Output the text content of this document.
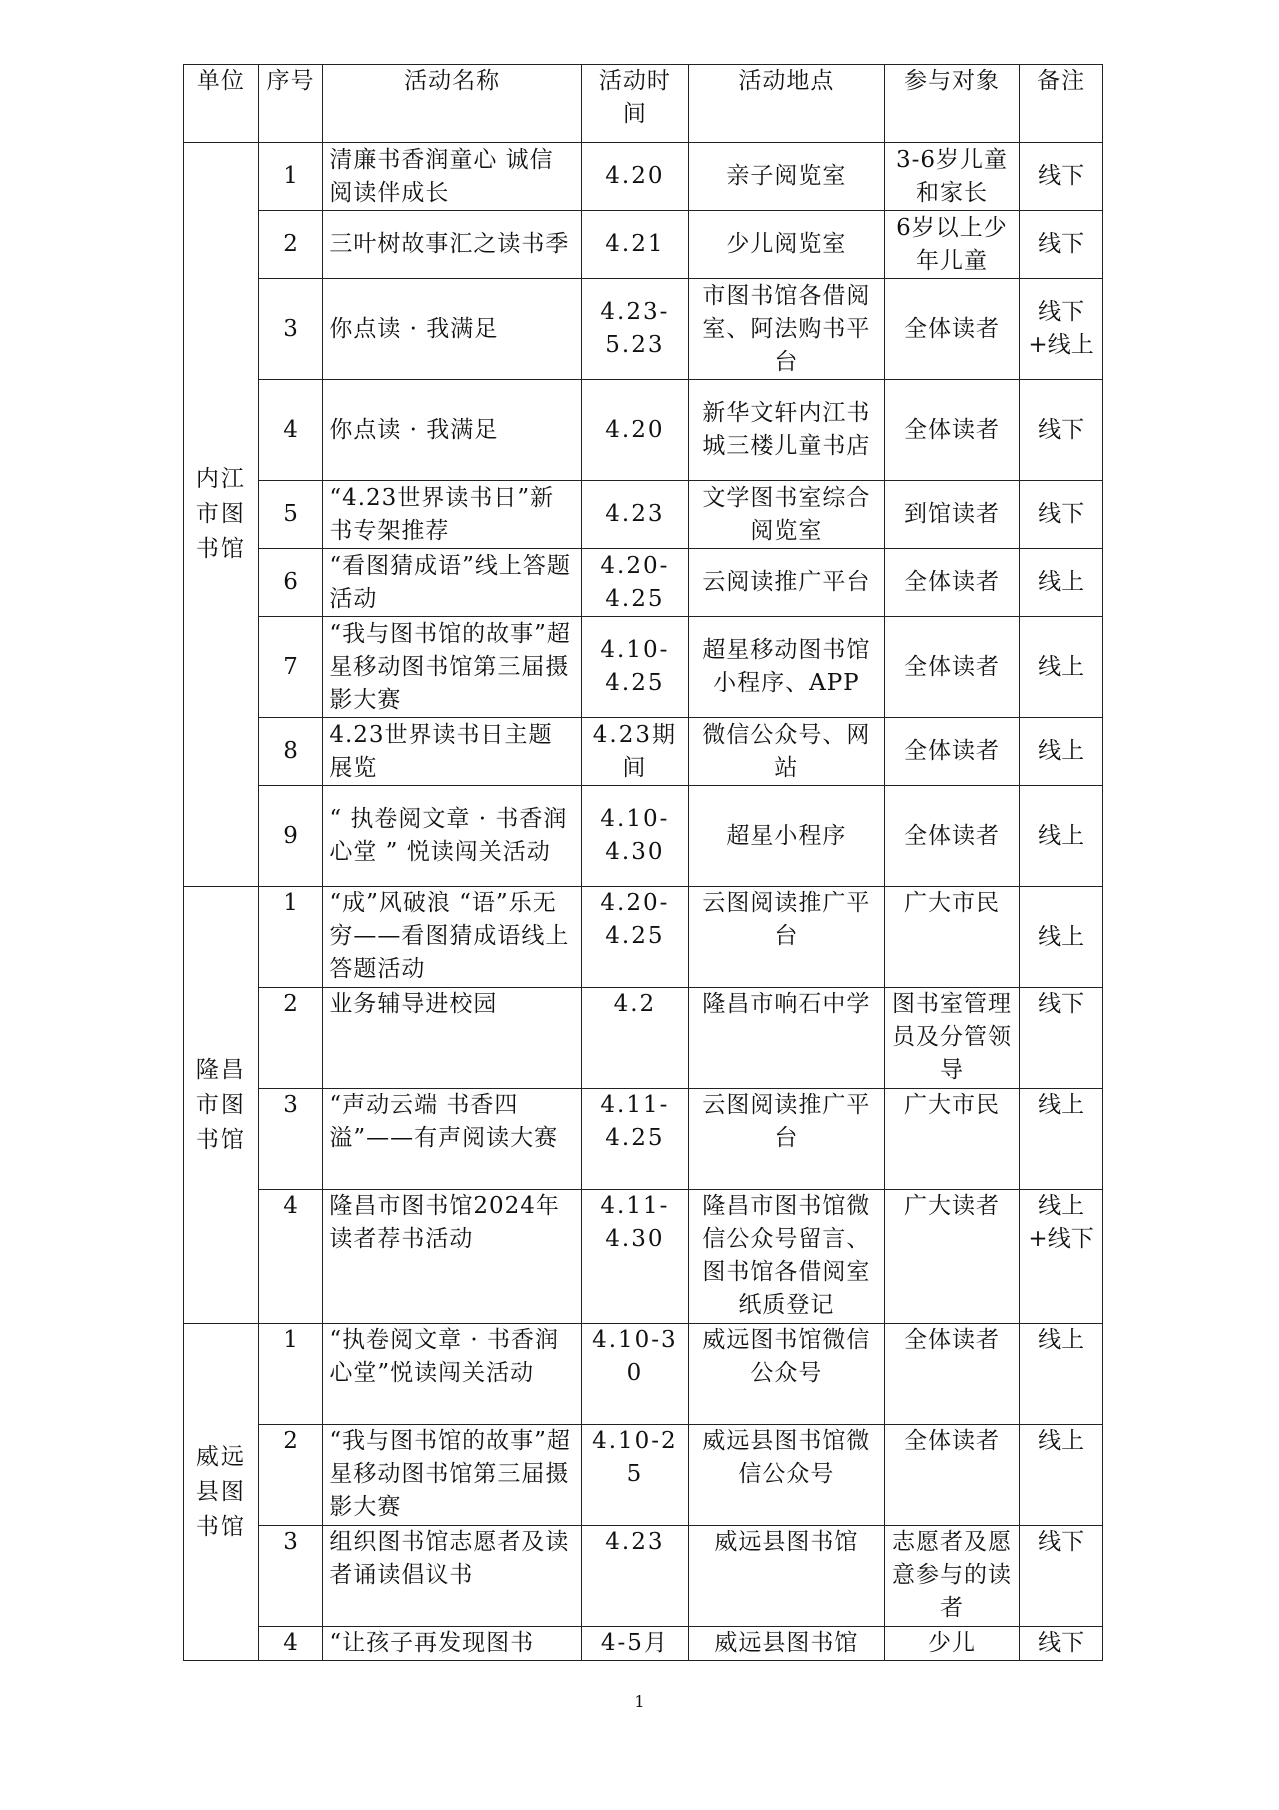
单位	序号	活动名称	活动时间	活动地点	参与对象	备注
内江市图书馆	1	清廉书香润童心 诚信阅读伴成长	4.20	亲子阅览室	3-6岁儿童和家长	线下
	2	三叶树故事汇之读书季	4.21	少儿阅览室	6岁以上少年儿童	线下
	3	你点读 · 我满足	4.23-5.23	市图书馆各借阅室、阿法购书平台	全体读者	线下+线上
	4	你点读 · 我满足	4.20	新华文轩内江书城三楼儿童书店	全体读者	线下
	5	“4.23世界读书日”新书专架推荐	4.23	文学图书室综合阅览室	到馆读者	线下
	6	“看图猜成语”线上答题活动	4.20-4.25	云阅读推广平台	全体读者	线上
	7	“我与图书馆的故事”超星移动图书馆第三届摄影大赛	4.10-4.25	超星移动图书馆小程序、APP	全体读者	线上
	8	4.23世界读书日主题展览	4.23期间	微信公众号、网站	全体读者	线上
	9	“ 执卷阅文章 · 书香润心堂 ” 悦读闯关活动	4.10-4.30	超星小程序	全体读者	线上
隆昌市图书馆	1	“成”风破浪 “语”乐无穷——看图猜成语线上答题活动	4.20-4.25	云图阅读推广平台	广大市民	线上
	2	业务辅导进校园	4.2	隆昌市响石中学	图书室管理员及分管领导	线下
	3	“声动云端 书香四溢”——有声阅读大赛	4.11-4.25	云图阅读推广平台	广大市民	线上
	4	隆昌市图书馆2024年读者荐书活动	4.11-4.30	隆昌市图书馆微信公众号留言、图书馆各借阅室纸质登记	广大读者	线上+线下
威远县图书馆	1	“执卷阅文章 · 书香润心堂”悦读闯关活动	4.10-30	威远图书馆微信公众号	全体读者	线上
	2	“我与图书馆的故事”超星移动图书馆第三届摄影大赛	4.10-25	威远县图书馆微信公众号	全体读者	线上
	3	组织图书馆志愿者及读者诵读倡议书	4.23	威远县图书馆	志愿者及愿意参与的读者	线下
	4	“让孩子再发现图书	4-5月	威远县图书馆	少儿	线下
1
